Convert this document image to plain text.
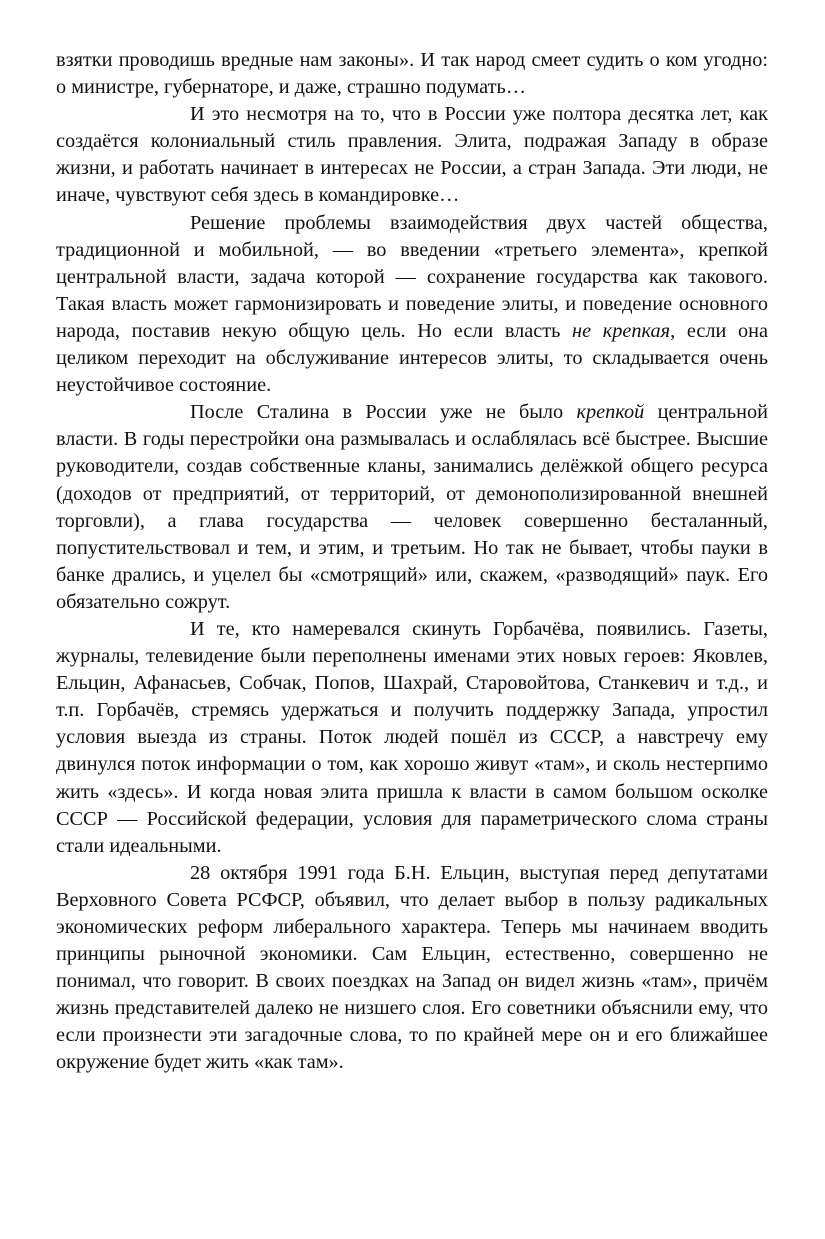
взятки проводишь вредные нам законы». И так народ смеет судить о ком угодно: о министре, губернаторе, и даже, страшно подумать…

И это несмотря на то, что в России уже полтора десятка лет, как создаётся колониальный стиль правления. Элита, подражая Западу в образе жизни, и работать начинает в интересах не России, а стран Запада. Эти люди, не иначе, чувствуют себя здесь в командировке…

Решение проблемы взаимодействия двух частей общества, традиционной и мобильной, — во введении «третьего элемента», крепкой центральной власти, задача которой — сохранение государства как такового. Такая власть может гармонизировать и поведение элиты, и поведение основного народа, поставив некую общую цель. Но если власть не крепкая, если она целиком переходит на обслуживание интересов элиты, то складывается очень неустойчивое состояние.

После Сталина в России уже не было крепкой центральной власти. В годы перестройки она размывалась и ослаблялась всё быстрее. Высшие руководители, создав собственные кланы, занимались делёжкой общего ресурса (доходов от предприятий, от территорий, от демонополизированной внешней торговли), а глава государства — человек совершенно бесталанный, попустительствовал и тем, и этим, и третьим. Но так не бывает, чтобы пауки в банке дрались, и уцелел бы «смотрящий» или, скажем, «разводящий» паук. Его обязательно сожрут.

И те, кто намеревался скинуть Горбачёва, появились. Газеты, журналы, телевидение были переполнены именами этих новых героев: Яковлев, Ельцин, Афанасьев, Собчак, Попов, Шахрай, Старовойтова, Станкевич и т.д., и т.п. Горбачёв, стремясь удержаться и получить поддержку Запада, упростил условия выезда из страны. Поток людей пошёл из СССР, а навстречу ему двинулся поток информации о том, как хорошо живут «там», и сколь нестерпимо жить «здесь». И когда новая элита пришла к власти в самом большом осколке СССР — Российской федерации, условия для параметрического слома страны стали идеальными.

28 октября 1991 года Б.Н. Ельцин, выступая перед депутатами Верховного Совета РСФСР, объявил, что делает выбор в пользу радикальных экономических реформ либерального характера. Теперь мы начинаем вводить принципы рыночной экономики. Сам Ельцин, естественно, совершенно не понимал, что говорит. В своих поездках на Запад он видел жизнь «там», причём жизнь представителей далеко не низшего слоя. Его советники объяснили ему, что если произнести эти загадочные слова, то по крайней мере он и его ближайшее окружение будет жить «как там».
